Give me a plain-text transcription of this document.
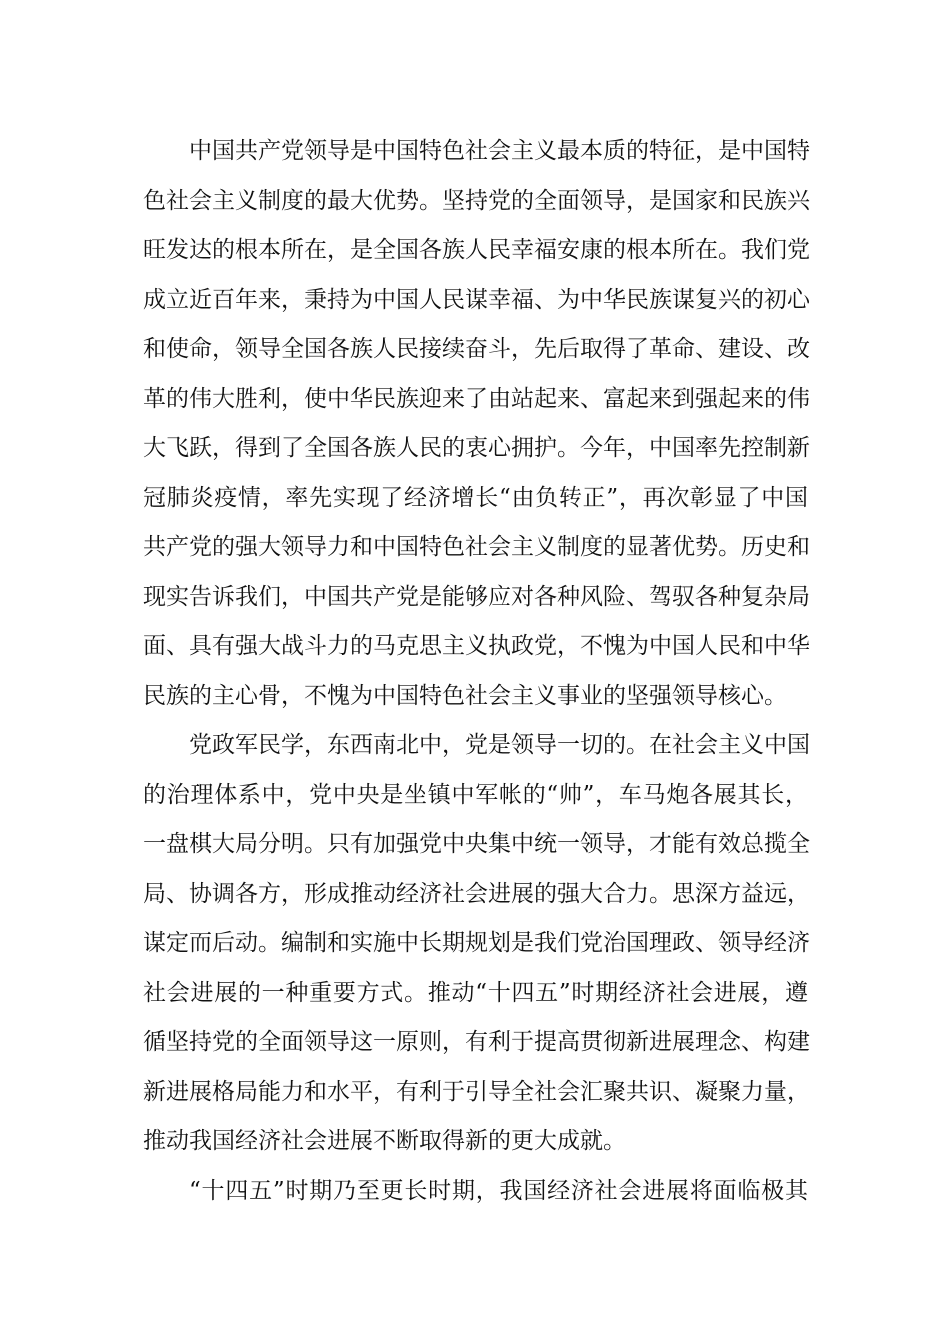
中国共产党领导是中国特色社会主义最本质的特征，是中国特
色社会主义制度的最大优势。坚持党的全面领导，是国家和民族兴
旺发达的根本所在，是全国各族人民幸福安康的根本所在。我们党
成立近百年来，秉持为中国人民谋幸福、为中华民族谋复兴的初心
和使命，领导全国各族人民接续奋斗，先后取得了革命、建设、改
革的伟大胜利，使中华民族迎来了由站起来、富起来到强起来的伟
大飞跃，得到了全国各族人民的衷心拥护。今年，中国率先控制新
冠肺炎疫情，率先实现了经济增长“由负转正”，再次彰显了中国
共产党的强大领导力和中国特色社会主义制度的显著优势。历史和
现实告诉我们，中国共产党是能够应对各种风险、驾驭各种复杂局
面、具有强大战斗力的马克思主义执政党，不愧为中国人民和中华
民族的主心骨，不愧为中国特色社会主义事业的坚强领导核心。
党政军民学，东西南北中，党是领导一切的。在社会主义中国
的治理体系中，党中央是坐镇中军帐的“帅”，车马炮各展其长，
一盘棋大局分明。只有加强党中央集中统一领导，才能有效总揽全
局、协调各方，形成推动经济社会进展的强大合力。思深方益远，
谋定而后动。编制和实施中长期规划是我们党治国理政、领导经济
社会进展的一种重要方式。推动“十四五”时期经济社会进展，遵
循坚持党的全面领导这一原则，有利于提高贯彻新进展理念、构建
新进展格局能力和水平，有利于引导全社会汇聚共识、凝聚力量，
推动我国经济社会进展不断取得新的更大成就。
“十四五”时期乃至更长时期，我国经济社会进展将面临极其
